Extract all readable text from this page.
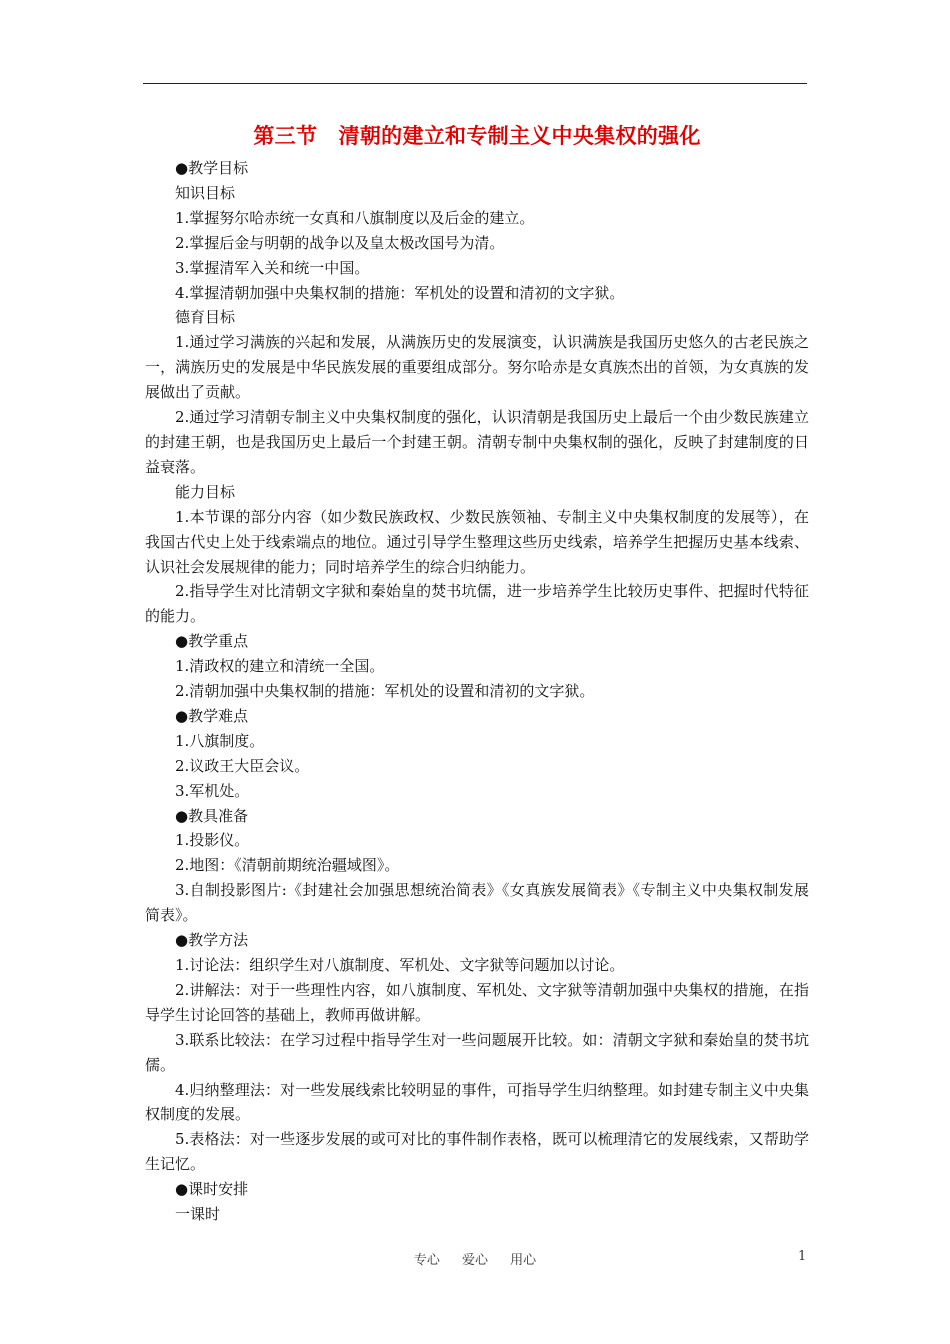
第三节　清朝的建立和专制主义中央集权的强化
●教学目标
知识目标
1.掌握努尔哈赤统一女真和八旗制度以及后金的建立。
2.掌握后金与明朝的战争以及皇太极改国号为清。
3.掌握清军入关和统一中国。
4.掌握清朝加强中央集权制的措施：军机处的设置和清初的文字狱。
德育目标
1.通过学习满族的兴起和发展，从满族历史的发展演变，认识满族是我国历史悠久的古老民族之一，满族历史的发展是中华民族发展的重要组成部分。努尔哈赤是女真族杰出的首领，为女真族的发展做出了贡献。
2.通过学习清朝专制主义中央集权制度的强化，认识清朝是我国历史上最后一个由少数民族建立的封建王朝，也是我国历史上最后一个封建王朝。清朝专制中央集权制的强化，反映了封建制度的日益衰落。
能力目标
1.本节课的部分内容（如少数民族政权、少数民族领袖、专制主义中央集权制度的发展等），在我国古代史上处于线索端点的地位。通过引导学生整理这些历史线索，培养学生把握历史基本线索、认识社会发展规律的能力；同时培养学生的综合归纳能力。
2.指导学生对比清朝文字狱和秦始皇的焚书坑儒，进一步培养学生比较历史事件、把握时代特征的能力。
●教学重点
1.清政权的建立和清统一全国。
2.清朝加强中央集权制的措施：军机处的设置和清初的文字狱。
●教学难点
1.八旗制度。
2.议政王大臣会议。
3.军机处。
●教具准备
1.投影仪。
2.地图：《清朝前期统治疆域图》。
3.自制投影图片:《封建社会加强思想统治简表》《女真族发展简表》《专制主义中央集权制发展简表》。
●教学方法
1.讨论法：组织学生对八旗制度、军机处、文字狱等问题加以讨论。
2.讲解法：对于一些理性内容，如八旗制度、军机处、文字狱等清朝加强中央集权的措施，在指导学生讨论回答的基础上，教师再做讲解。
3.联系比较法：在学习过程中指导学生对一些问题展开比较。如：清朝文字狱和秦始皇的焚书坑儒。
4.归纳整理法：对一些发展线索比较明显的事件，可指导学生归纳整理。如封建专制主义中央集权制度的发展。
5.表格法：对一些逐步发展的或可对比的事件制作表格，既可以梳理清它的发展线索，又帮助学生记忆。
●课时安排
一课时
专心 爱心 用心	1
